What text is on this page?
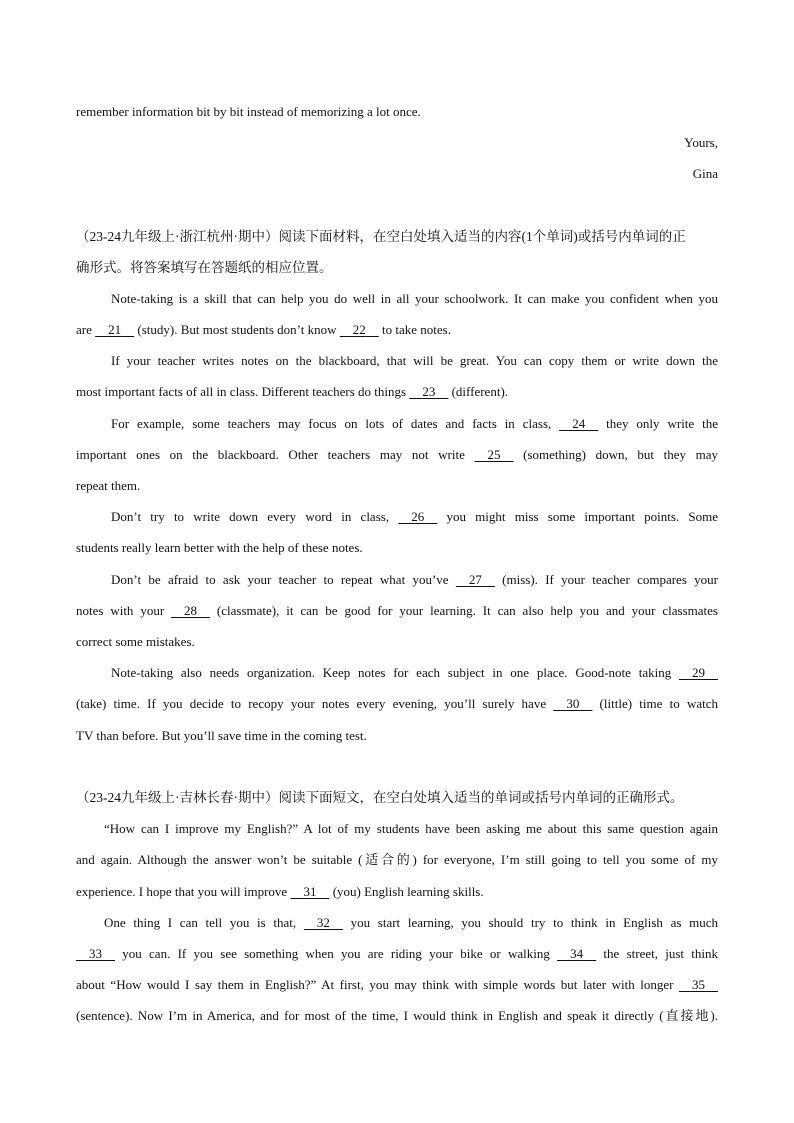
remember information bit by bit instead of memorizing a lot once.
Yours,
Gina
（23-24九年级上·浙江杭州·期中）阅读下面材料，在空白处填入适当的内容(1个单词)或括号内单词的正
确形式。将答案填写在答题纸的相应位置。
Note-taking is a skill that can help you do well in all your schoolwork. It can make you confident when you
are 21 (study). But most students don’t know 22 to take notes.
If your teacher writes notes on the blackboard, that will be great. You can copy them or write down the
most important facts of all in class. Different teachers do things 23 (different).
For example, some teachers may focus on lots of dates and facts in class, 24 they only write the
important ones on the blackboard. Other teachers may not write 25 (something) down, but they may
repeat them.
Don’t try to write down every word in class, 26 you might miss some important points. Some
students really learn better with the help of these notes.
Don’t be afraid to ask your teacher to repeat what you’ve 27 (miss). If your teacher compares your
notes with your 28 (classmate), it can be good for your learning. It can also help you and your classmates
correct some mistakes.
Note-taking also needs organization. Keep notes for each subject in one place. Good-note taking 29
(take) time. If you decide to recopy your notes every evening, you’ll surely have 30 (little) time to watch
TV than before. But you’ll save time in the coming test.
（23-24九年级上·吉林长春·期中）阅读下面短文，在空白处填入适当的单词或括号内单词的正确形式。
“How can I improve my English?” A lot of my students have been asking me about this same question again
and again. Although the answer won’t be suitable (适合的) for everyone, I’m still going to tell you some of my
experience. I hope that you will improve 31 (you) English learning skills.
One thing I can tell you is that, 32 you start learning, you should try to think in English as much
33 you can. If you see something when you are riding your bike or walking 34 the street, just think
about “How would I say them in English?” At first, you may think with simple words but later with longer 35
(sentence). Now I’m in America, and for most of the time, I would think in English and speak it directly (直接地).
